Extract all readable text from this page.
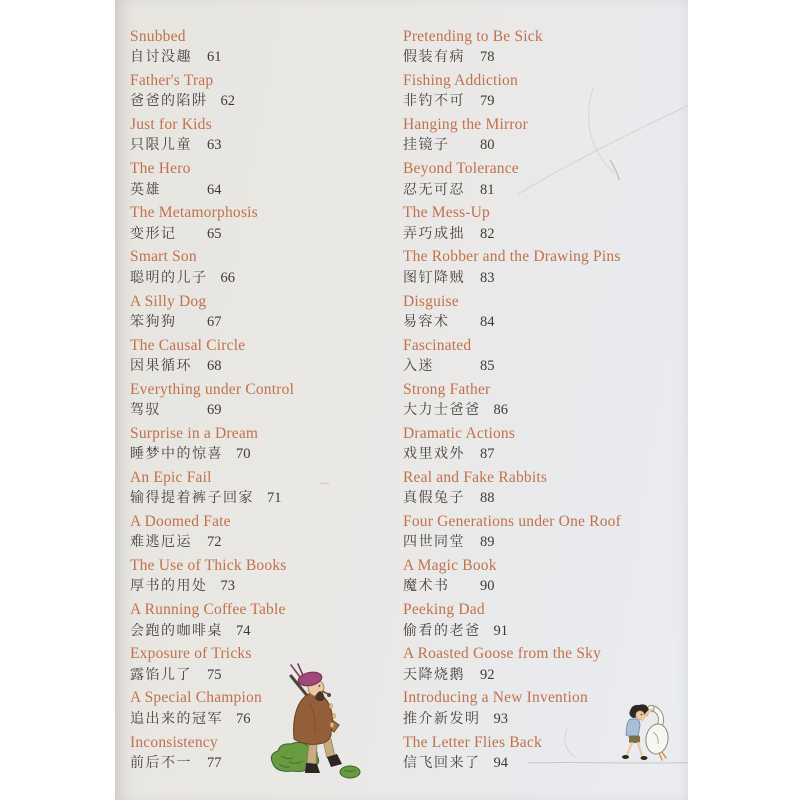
Snubbed
自讨没趣 61
Father's Trap
爸爸的陷阱 62
Just for Kids
只限儿童 63
The Hero
英雄	64
The Metamorphosis
变形记	65
Smart Son
聪明的儿子 66
A Silly Dog
笨狗狗	67
The Causal Circle
因果循环 68
Everything under Control
驾驭	69
Surprise in a Dream
睡梦中的惊喜 70
An Epic Fail
输得提着裤子回家 71
A Doomed Fate
难逃厄运 72
The Use of Thick Books
厚书的用处 73
A Running Coffee Table
会跑的咖啡桌 74
Exposure of Tricks
露馅儿了 75
A Special Champion
追出来的冠军 76
Inconsistency
前后不一 77
Pretending to Be Sick
假装有病 78
Fishing Addiction
非钓不可 79
Hanging the Mirror
挂镜子	80
Beyond Tolerance
忍无可忍 81
The Mess-Up
弄巧成拙 82
The Robber and the Drawing Pins
图钉降贼 83
Disguise
易容术	84
Fascinated
入迷	85
Strong Father
大力士爸爸 86
Dramatic Actions
戏里戏外 87
Real and Fake Rabbits
真假兔子 88
Four Generations under One Roof
四世同堂 89
A Magic Book
魔术书	90
Peeking Dad
偷看的老爸 91
A Roasted Goose from the Sky
天降烧鹅 92
Introducing a New Invention
推介新发明 93
The Letter Flies Back
信飞回来了 94
